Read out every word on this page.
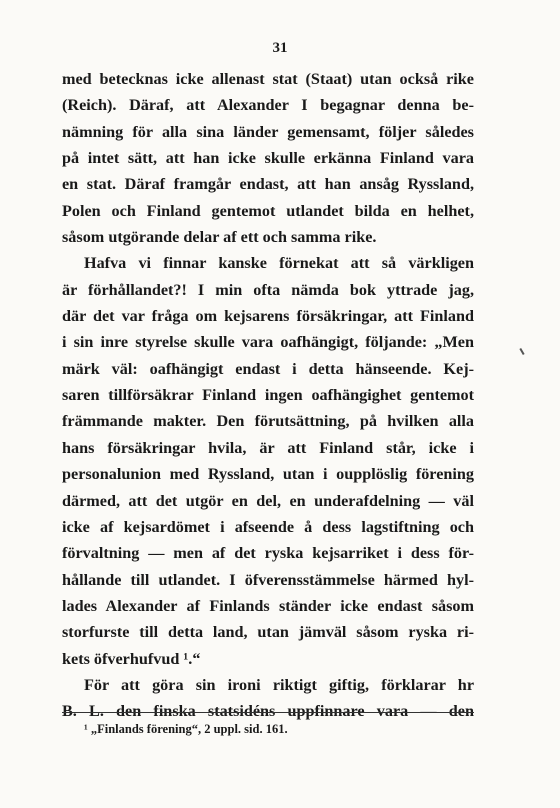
31
med betecknas icke allenast stat (Staat) utan också rike
(Reich). Däraf, att Alexander I begagnar denna be-
nämning för alla sina länder gemensamt, följer således
på intet sätt, att han icke skulle erkänna Finland vara
en stat. Däraf framgår endast, att han ansåg Ryssland,
Polen och Finland gentemot utlandet bilda en helhet,
såsom utgörande delar af ett och samma rike.
Hafva vi finnar kanske förnekat att så värkligen
är förhållandet?! I min ofta nämda bok yttrade jag,
där det var fråga om kejsarens försäkringar, att Finland
i sin inre styrelse skulle vara oafhängigt, följande: „Men
märk väl: oafhängigt endast i detta hänseende. Kej-
saren tillförsäkrar Finland ingen oafhängighet gentemot
främmande makter. Den förutsättning, på hvilken alla
hans försäkringar hvila, är att Finland står, icke i
personalunion med Ryssland, utan i oupplöslig förening
därmed, att det utgör en del, en underafdelning — väl
icke af kejsardömet i afseende å dess lagstiftning och
förvaltning — men af det ryska kejsarriket i dess för-
hållande till utlandet. I öfverensstämmelse härmed hyl-
lades Alexander af Finlands ständer icke endast såsom
storfurste till detta land, utan jämväl såsom ryska ri-
kets öfverhufvud ¹.“
För att göra sin ironi riktigt giftig, förklarar hr
B. L. den finska statsidéns uppfinnare vara — den
¹ „Finlands förening“, 2 uppl. sid. 161.
